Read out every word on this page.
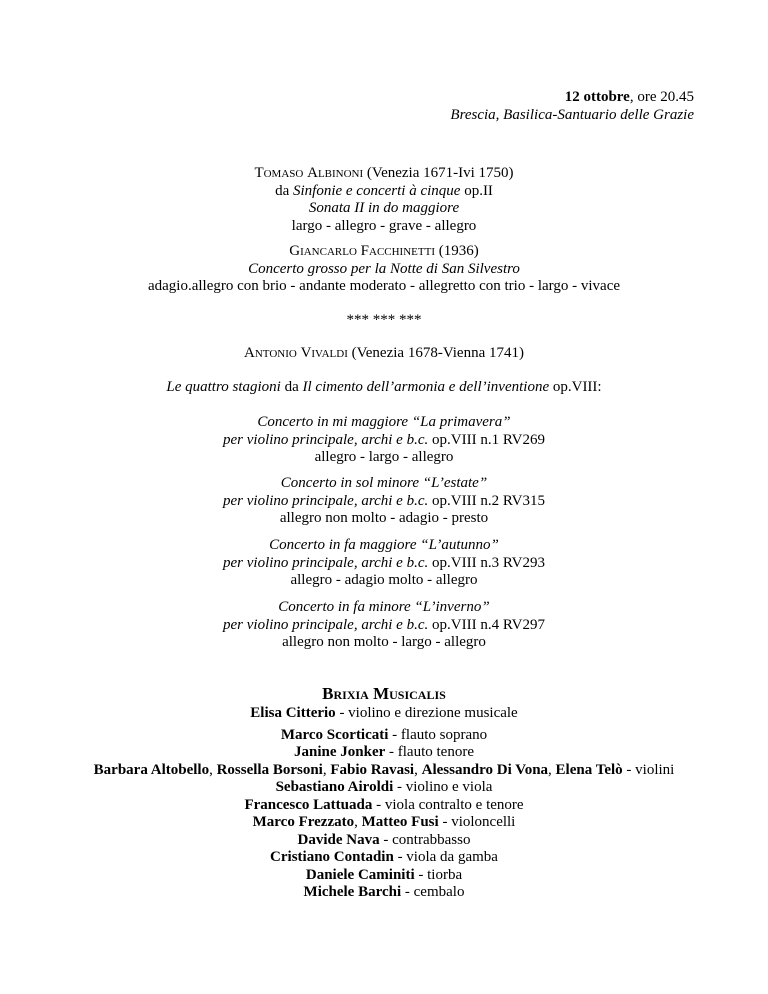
12 ottobre, ore 20.45
Brescia, Basilica-Santuario delle Grazie
Tomaso Albinoni (Venezia 1671-Ivi 1750)
da Sinfonie e concerti à cinque op.II
Sonata II in do maggiore
largo - allegro - grave - allegro
Giancarlo Facchinetti (1936)
Concerto grosso per la Notte di San Silvestro
adagio.allegro con brio - andante moderato - allegretto con trio - largo - vivace
*** *** ***
Antonio Vivaldi (Venezia 1678-Vienna 1741)
Le quattro stagioni da Il cimento dell’armonia e dell’inventione op.VIII:
Concerto in mi maggiore “La primavera”
per violino principale, archi e b.c. op.VIII n.1 RV269
allegro - largo - allegro
Concerto in sol minore “L’estate”
per violino principale, archi e b.c. op.VIII n.2 RV315
allegro non molto - adagio - presto
Concerto in fa maggiore “L’autunno”
per violino principale, archi e b.c. op.VIII n.3 RV293
allegro - adagio molto - allegro
Concerto in fa minore “L’inverno”
per violino principale, archi e b.c. op.VIII n.4 RV297
allegro non molto - largo - allegro
Brixia Musicalis
Elisa Citterio - violino e direzione musicale
Marco Scorticati - flauto soprano
Janine Jonker - flauto tenore
Barbara Altobello, Rossella Borsoni, Fabio Ravasi, Alessandro Di Vona, Elena Telò - violini
Sebastiano Airoldi - violino e viola
Francesco Lattuada - viola contralto e tenore
Marco Frezzato, Matteo Fusi - violoncelli
Davide Nava - contrabbasso
Cristiano Contadin - viola da gamba
Daniele Caminiti - tiorba
Michele Barchi - cembalo
